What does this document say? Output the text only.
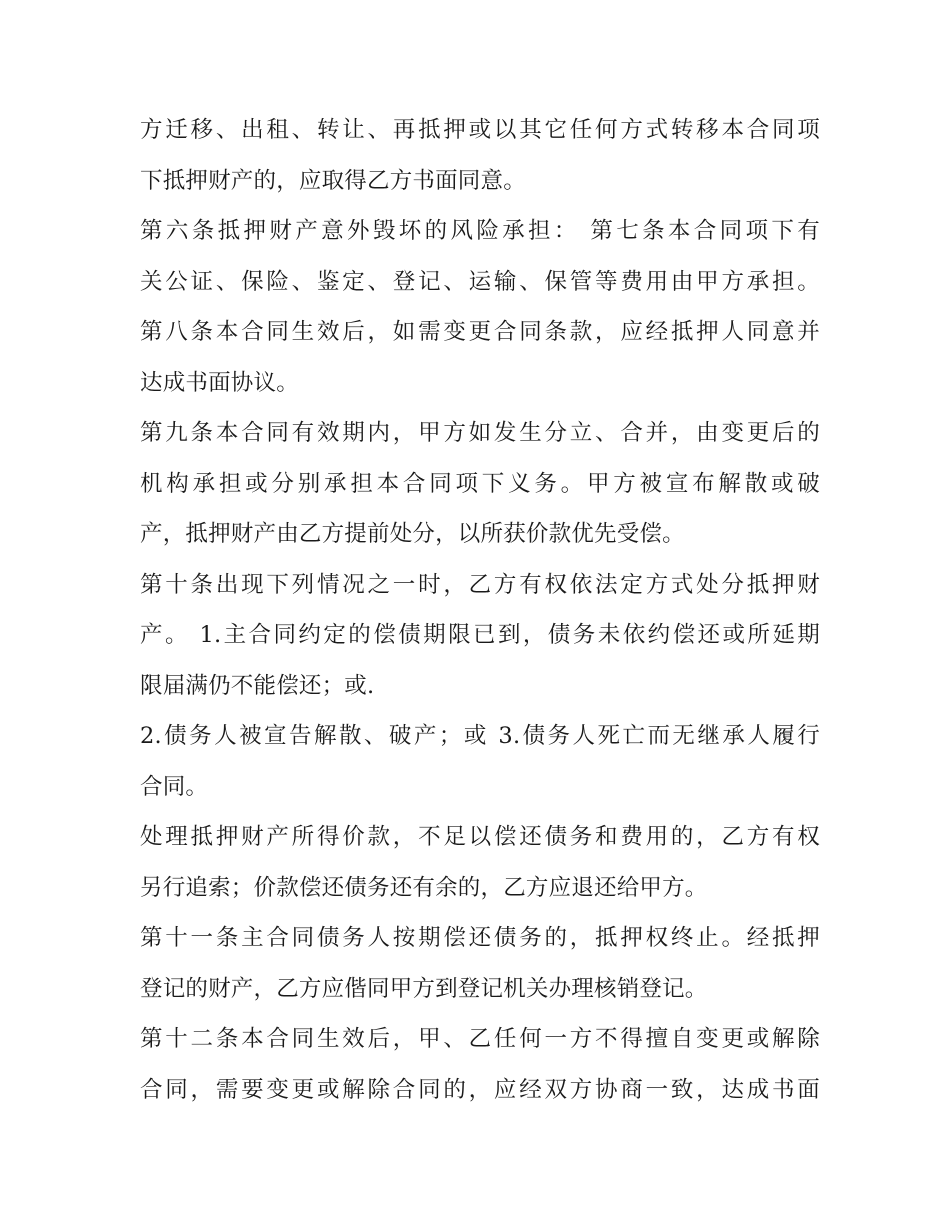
方迁移、出租、转让、再抵押或以其它任何方式转移本合同项
下抵押财产的，应取得乙方书面同意。

第六条抵押财产意外毁坏的风险承担： 第七条本合同项下有
关公证、保险、鉴定、登记、运输、保管等费用由甲方承担。

第八条本合同生效后，如需变更合同条款，应经抵押人同意并
达成书面协议。

第九条本合同有效期内，甲方如发生分立、合并，由变更后的
机构承担或分别承担本合同项下义务。甲方被宣布解散或破
产，抵押财产由乙方提前处分，以所获价款优先受偿。

第十条出现下列情况之一时，乙方有权依法定方式处分抵押财
产。 1.主合同约定的偿债期限已到，债务未依约偿还或所延期
限届满仍不能偿还；或.

2.债务人被宣告解散、破产；或 3.债务人死亡而无继承人履行
合同。

处理抵押财产所得价款，不足以偿还债务和费用的，乙方有权
另行追索；价款偿还债务还有余的，乙方应退还给甲方。

第十一条主合同债务人按期偿还债务的，抵押权终止。经抵押
登记的财产，乙方应偕同甲方到登记机关办理核销登记。

第十二条本合同生效后，甲、乙任何一方不得擅自变更或解除
合同，需要变更或解除合同的，应经双方协商一致，达成书面
